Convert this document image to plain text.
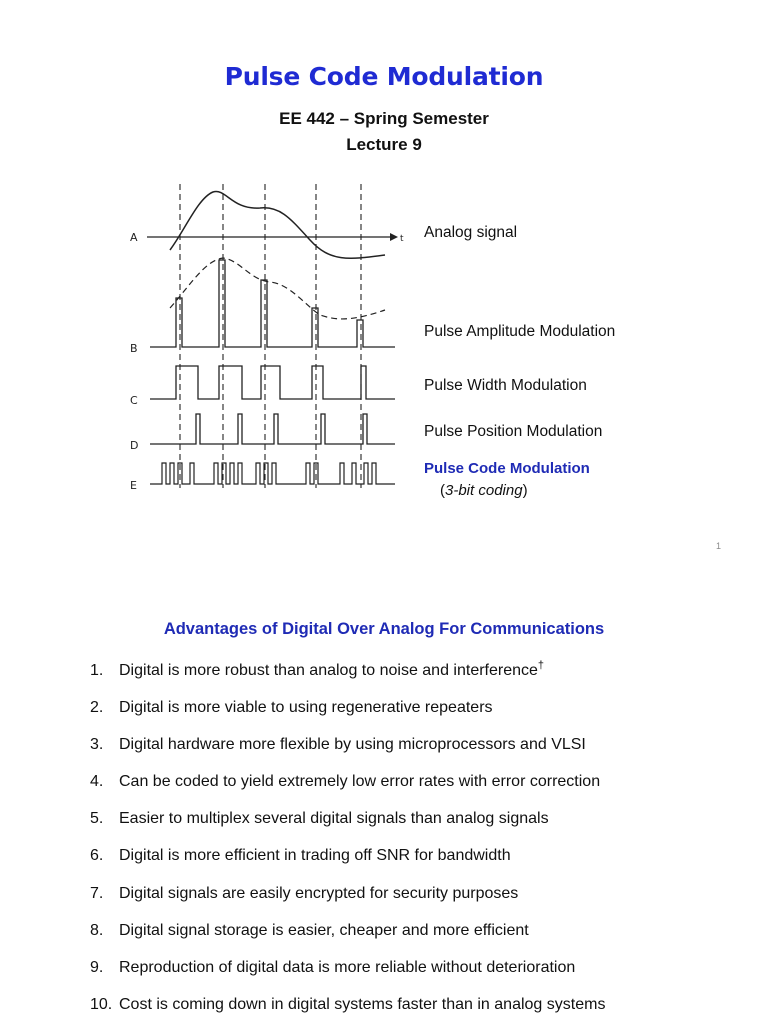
Pulse Code Modulation
EE 442 – Spring Semester
Lecture 9
A
B
C
D
E
t Analog signal
Pulse Amplitude Modulation
Pulse Width Modulation
Pulse Position Modulation
Pulse Code Modulation
(3-bit coding)
1
Advantages of Digital Over Analog For Communications
1. Digital is more robust than analog to noise and interference†
2. Digital is more viable to using regenerative repeaters
3. Digital hardware more flexible by using microprocessors and VLSI
4. Can be coded to yield extremely low error rates with error correction
5. Easier to multiplex several digital signals than analog signals
6. Digital is more efficient in trading off SNR for bandwidth
7. Digital signals are easily encrypted for security purposes
8. Digital signal storage is easier, cheaper and more efficient
9. Reproduction of digital data is more reliable without deterioration
10. Cost is coming down in digital systems faster than in analog systems
